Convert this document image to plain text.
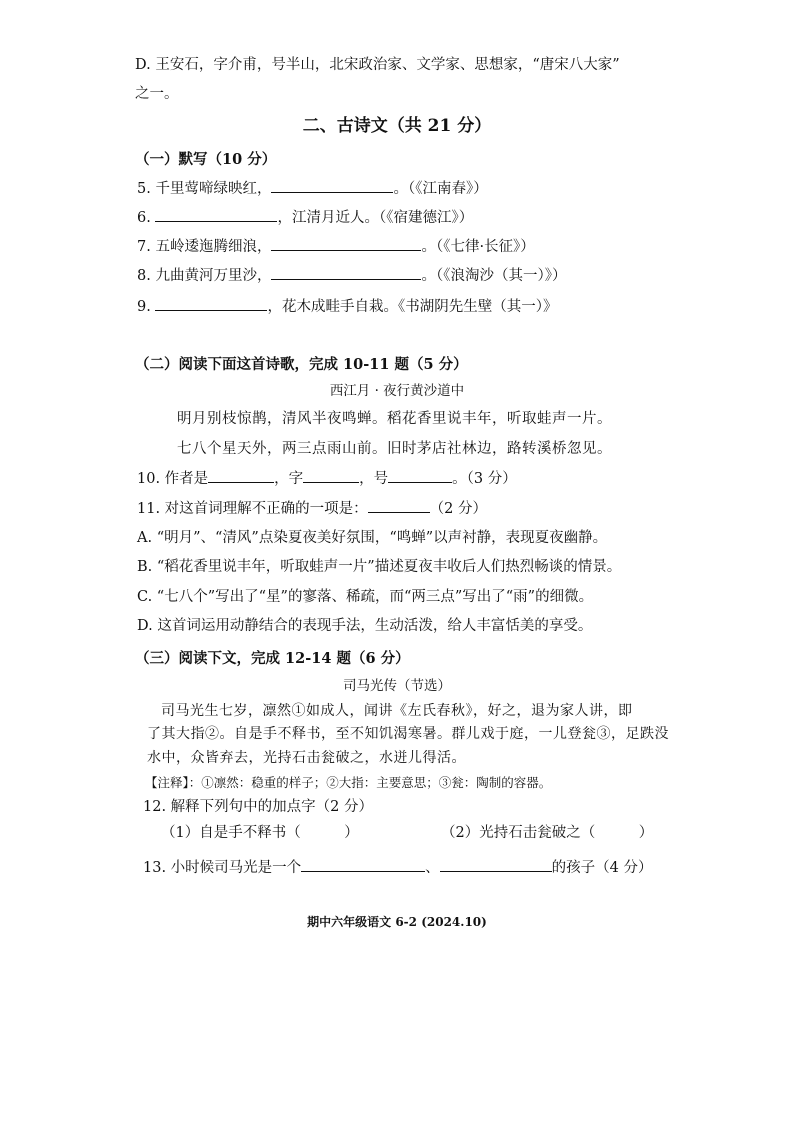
D. 王安石，字介甫，号半山，北宋政治家、文学家、思想家，“唐宋八大家”
之一。
二、古诗文（共 21 分）
（一）默写（10 分）
5. 千里莺啼绿映红，	。（《江南春》）
6.	，江清月近人。（《宿建德江》）
7. 五岭逶迤腾细浪，	。（《七律·长征》）
8. 九曲黄河万里沙，	。（《浪淘沙（其一）》）
9.	，花木成畦手自栽。《书湖阴先生壁（其一）》
（二）阅读下面这首诗歌，完成 10-11 题（5 分）
西江月 · 夜行黄沙道中
明月别枝惊鹊，清风半夜鸣蝉。稻花香里说丰年，听取蛙声一片。
七八个星天外，两三点雨山前。旧时茅店社林边，路转溪桥忽见。
10. 作者是	，字	，号	。（3 分）
11. 对这首词理解不正确的一项是：	（2 分）
A. “明月”、“清风”点染夏夜美好氛围，“鸣蝉”以声衬静，表现夏夜幽静。
B. “稻花香里说丰年，听取蛙声一片”描述夏夜丰收后人们热烈畅谈的情景。
C. “七八个”写出了“星”的寥落、稀疏，而“两三点”写出了“雨”的细微。
D. 这首词运用动静结合的表现手法，生动活泼，给人丰富恬美的享受。
（三）阅读下文，完成 12-14 题（6 分）
司马光传（节选）
司马光生七岁，凛然①如成人，闻讲《左氏春秋》，好之，退为家人讲，即
了其大指②。自是手不释书，至不知饥渴寒暑。群儿戏于庭，一儿登瓮③，足跌没
水中，众皆弃去，光持石击瓮破之，水迸儿得活。
【注释】：①凛然：稳重的样子；②大指：主要意思；③瓮：陶制的容器。
12. 解释下列句中的加点字（2 分）
（1）自是手不释书（　　　）	（2）光持石击瓮破之（　　　）
13. 小时候司马光是一个	、	的孩子（4 分）
期中六年级语文 6-2 (2024.10)
